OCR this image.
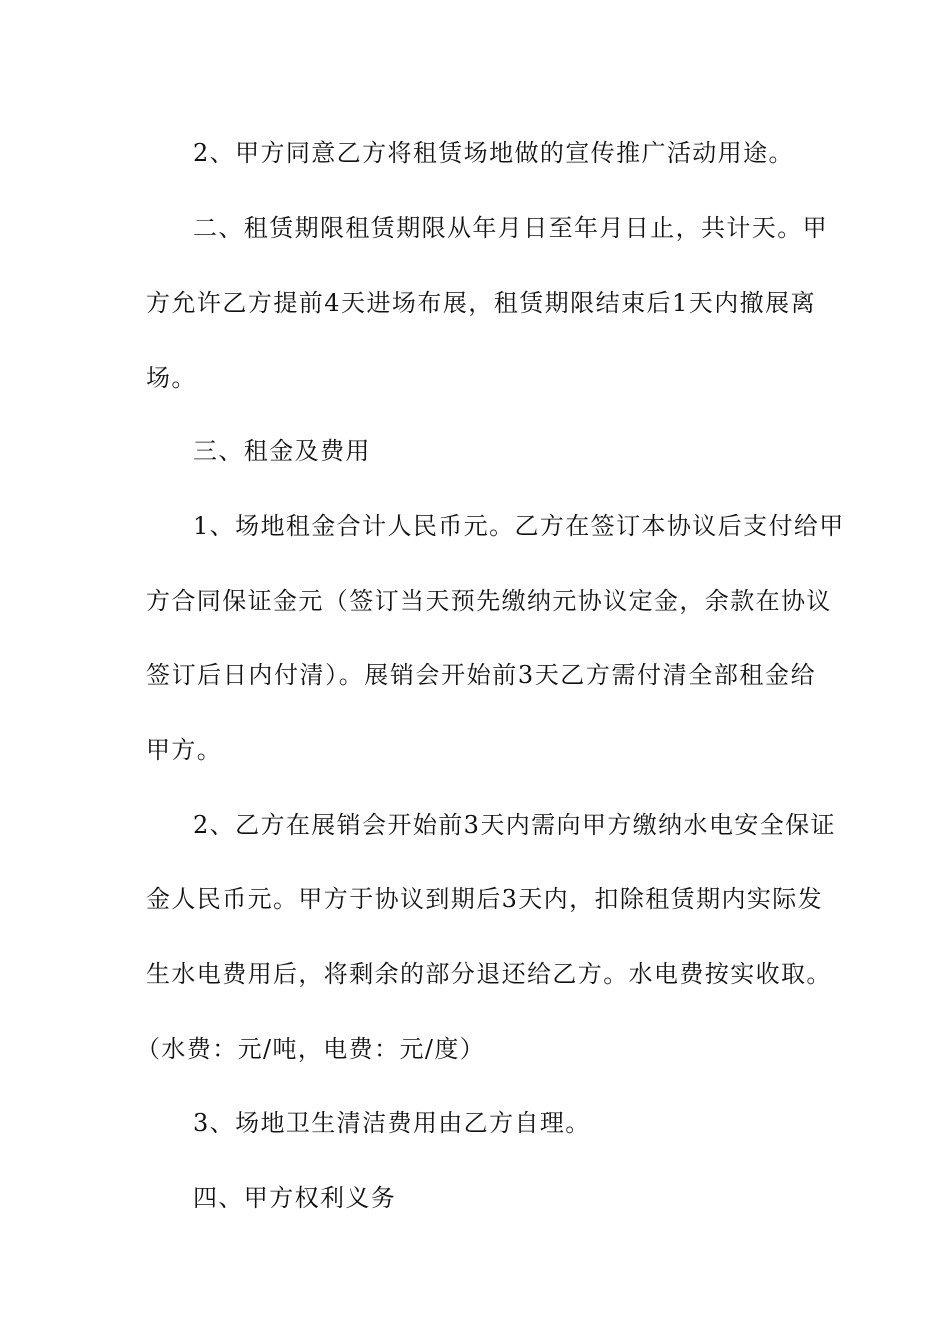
2、甲方同意乙方将租赁场地做的宣传推广活动用途。
二、租赁期限租赁期限从年月日至年月日止，共计天。甲
方允许乙方提前4天进场布展，租赁期限结束后1天内撤展离
场。
三、租金及费用
1、场地租金合计人民币元。乙方在签订本协议后支付给甲
方合同保证金元（签订当天预先缴纳元协议定金，余款在协议
签订后日内付清）。展销会开始前3天乙方需付清全部租金给
甲方。
2、乙方在展销会开始前3天内需向甲方缴纳水电安全保证
金人民币元。甲方于协议到期后3天内，扣除租赁期内实际发
生水电费用后，将剩余的部分退还给乙方。水电费按实收取。
（水费：元/吨，电费：元/度）
3、场地卫生清洁费用由乙方自理。
四、甲方权利义务
